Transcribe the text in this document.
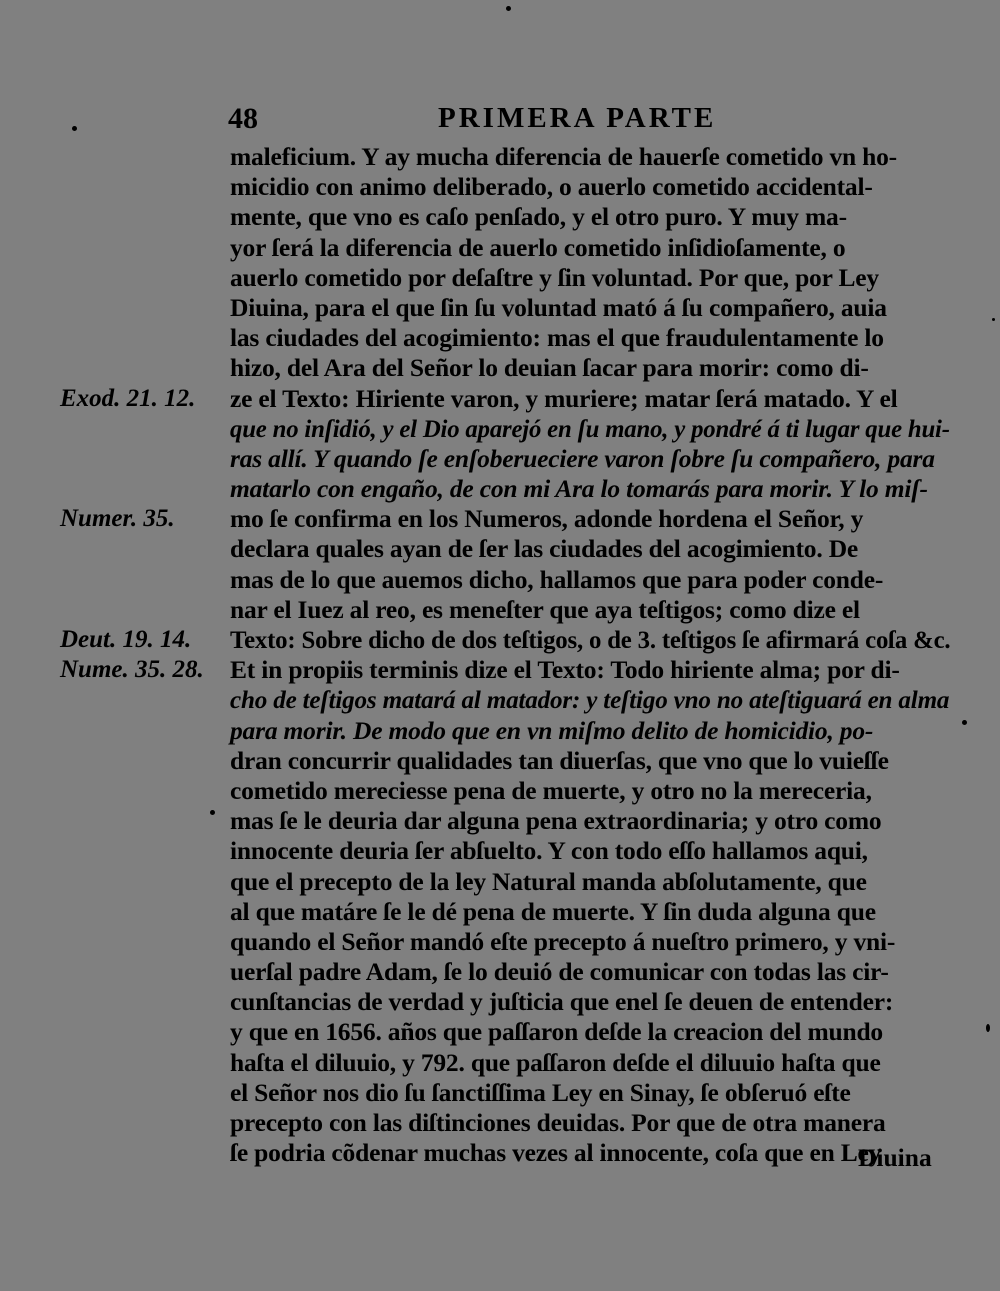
48	PRIMERA PARTE
maleficium. Y ay mucha diferencia de hauerſe cometido vn ho-
micidio con animo deliberado, o auerlo cometido accidental-
mente, que vno es caſo penſado, y el otro puro. Y muy ma-
yor ſerá la diferencia de auerlo cometido inſidioſamente, o
auerlo cometido por deſaſtre y ſin voluntad. Por que, por Ley
Diuina, para el que ſin ſu voluntad mató á ſu compañero, auia
las ciudades del acogimiento: mas el que fraudulentamente lo
hizo, del Ara del Señor lo deuian ſacar para morir: como di-
ze el Texto: Hiriente varon, y muriere; matar ſerá matado. Y el
que no inſidió, y el Dio aparejó en ſu mano, y pondré á ti lugar que hui-
ras allí. Y quando ſe enſoberueciere varon ſobre ſu compañero, para
matarlo con engaño, de con mi Ara lo tomarás para morir. Y lo miſ-
mo ſe confirma en los Numeros, adonde hordena el Señor, y
declara quales ayan de ſer las ciudades del acogimiento. De
mas de lo que auemos dicho, hallamos que para poder conde-
nar el Iuez al reo, es meneſter que aya teſtigos; como dize el
Texto: Sobre dicho de dos teſtigos, o de 3. teſtigos ſe afirmará coſa &c.
Et in propiis terminis dize el Texto: Todo hiriente alma; por di-
cho de teſtigos matará al matador: y teſtigo vno no ateſtiguará en alma
para morir. De modo que en vn miſmo delito de homicidio, po-
dran concurrir qualidades tan diuerſas, que vno que lo vuieſſe
cometido mereciesse pena de muerte, y otro no la mereceria,
mas ſe le deuria dar alguna pena extraordinaria; y otro como
innocente deuria ſer abſuelto. Y con todo eſſo hallamos aqui,
que el precepto de la ley Natural manda abſolutamente, que
al que matáre ſe le dé pena de muerte. Y ſin duda alguna que
quando el Señor mandó eſte precepto á nueſtro primero, y vni-
uerſal padre Adam, ſe lo deuió de comunicar con todas las cir-
cunſtancias de verdad y juſticia que enel ſe deuen de entender:
y que en 1656. años que paſſaron deſde la creacion del mundo
haſta el diluuio, y 792. que paſſaron deſde el diluuio haſta que
el Señor nos dio ſu ſanctiſſima Ley en Sinay, ſe obſeruó eſte
precepto con las diſtinciones deuidas. Por que de otra manera
ſe podria cõdenar muchas vezes al innocente, coſa que en Ley
Exod. 21. 12.
Numer. 35.
Deut. 19. 14.
Nume. 35. 28.
Diuina
